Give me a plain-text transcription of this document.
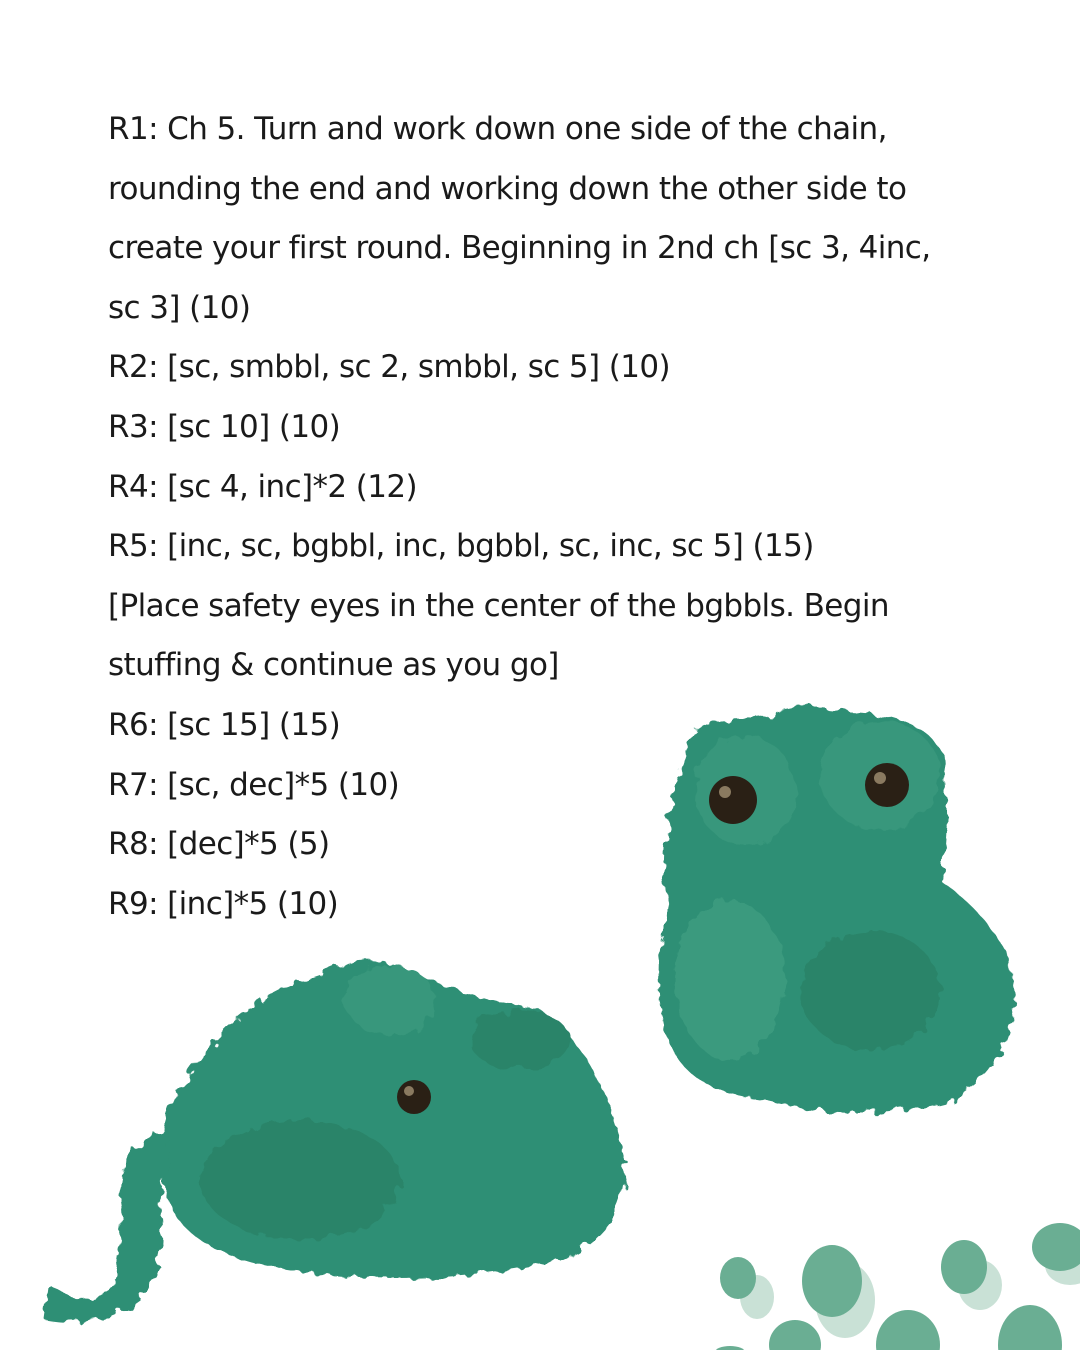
R1: Ch 5. Turn and work down one side of the chain,
rounding the end and working down the other side to
create your first round. Beginning in 2nd ch [sc 3, 4inc,
sc 3] (10)
R2: [sc, smbbl, sc 2, smbbl, sc 5] (10)
R3: [sc 10] (10)
R4: [sc 4, inc]*2 (12)
R5: [inc, sc, bgbbl, inc, bgbbl, sc, inc, sc 5] (15)
[Place safety eyes in the center of the bgbbls. Begin
stuffing & continue as you go]
R6: [sc 15] (15)
R7: [sc, dec]*5 (10)
R8: [dec]*5 (5)
R9: [inc]*5 (10)
